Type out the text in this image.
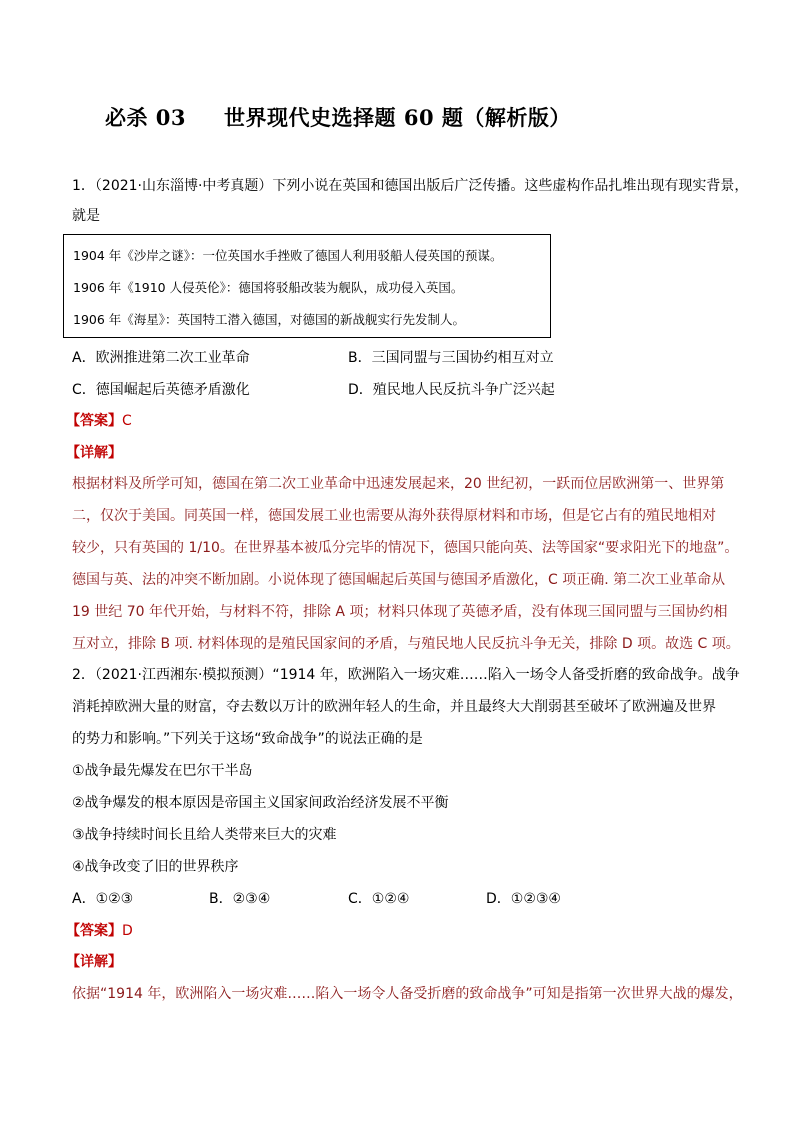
必杀 03 世界现代史选择题 60 题（解析版）
1．（2021·山东淄博·中考真题）下列小说在英国和德国出版后广泛传播。这些虚构作品扎堆出现有现实背景，
就是
1904 年《沙岸之谜》：一位英国水手挫败了德国人利用驳船人侵英国的预谋。
1906 年《1910 人侵英伦》：德国将驳船改装为舰队，成功侵入英国。
1906 年《海星》：英国特工潜入德国，对德国的新战舰实行先发制人。
A．欧洲推进第二次工业革命	B．三国同盟与三国协约相互对立
C．德国崛起后英德矛盾激化	D．殖民地人民反抗斗争广泛兴起
【答案】C
【详解】
根据材料及所学可知，德国在第二次工业革命中迅速发展起来，20 世纪初，一跃而位居欧洲第一、世界第
二，仅次于美国。同英国一样，德国发展工业也需要从海外获得原材料和市场，但是它占有的殖民地相对
较少，只有英国的 1/10。在世界基本被瓜分完毕的情况下，德国只能向英、法等国家“要求阳光下的地盘”。
德国与英、法的冲突不断加剧。小说体现了德国崛起后英国与德国矛盾激化，C 项正确. 第二次工业革命从
19 世纪 70 年代开始，与材料不符，排除 A 项；材料只体现了英德矛盾，没有体现三国同盟与三国协约相
互对立，排除 B 项. 材料体现的是殖民国家间的矛盾，与殖民地人民反抗斗争无关，排除 D 项。故选 C 项。
2．（2021·江西湘东·模拟预测）“1914 年，欧洲陷入一场灾难……陷入一场令人备受折磨的致命战争。战争
消耗掉欧洲大量的财富，夺去数以万计的欧洲年轻人的生命，并且最终大大削弱甚至破坏了欧洲遍及世界
的势力和影响。”下列关于这场“致命战争”的说法正确的是
①战争最先爆发在巴尔干半岛
②战争爆发的根本原因是帝国主义国家间政治经济发展不平衡
③战争持续时间长且给人类带来巨大的灾难
④战争改变了旧的世界秩序
A．①②③	B．②③④	C．①②④	D．①②③④
【答案】D
【详解】
依据“1914 年，欧洲陷入一场灾难……陷入一场令人备受折磨的致命战争”可知是指第一次世界大战的爆发，
